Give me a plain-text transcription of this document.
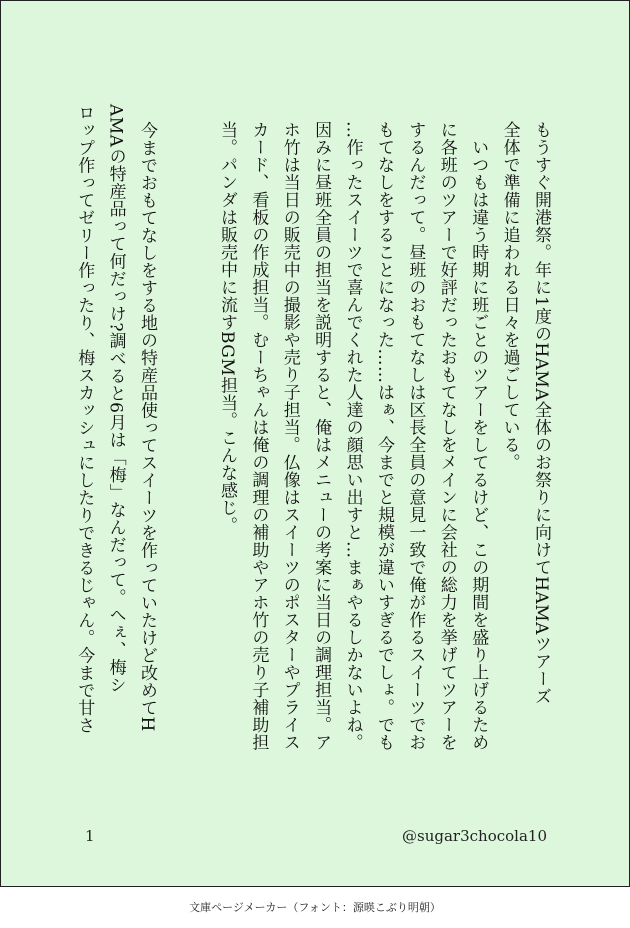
もうすぐ開港祭。年に1度のHAMA全体のお祭りに向けてHAMAツアーズ
全体で準備に追われる日々を過ごしている。
　いつもは違う時期に班ごとのツアーをしてるけど、この期間を盛り上げるため
に各班のツアーで好評だったおもてなしをメインに会社の総力を挙げてツアーを
するんだって。昼班のおもてなしは区長全員の意見一致で俺が作るスイーツでお
もてなしをすることになった……はぁ、今までと規模が違いすぎるでしょ。でも
…作ったスイーツで喜んでくれた人達の顔思い出すと…まぁやるしかないよね。
因みに昼班全員の担当を説明すると、俺はメニューの考案に当日の調理担当。ア
ホ竹は当日の販売中の撮影や売り子担当。仏像はスイーツのポスターやプライス
カード、看板の作成担当。むーちゃんは俺の調理の補助やアホ竹の売り子補助担
当。パンダは販売中に流すBGM担当。こんな感じ。
　今までおもてなしをする地の特産品使ってスイーツを作っていたけど改めてH
AMAの特産品って何だっけ?調べると6月は「梅」なんだって。へぇ、梅シ
ロップ作ってゼリー作ったり、梅スカッシュにしたりできるじゃん。今まで甘さ
1	@sugar3chocola10
文庫ページメーカー（フォント：源暎こぶり明朝）
